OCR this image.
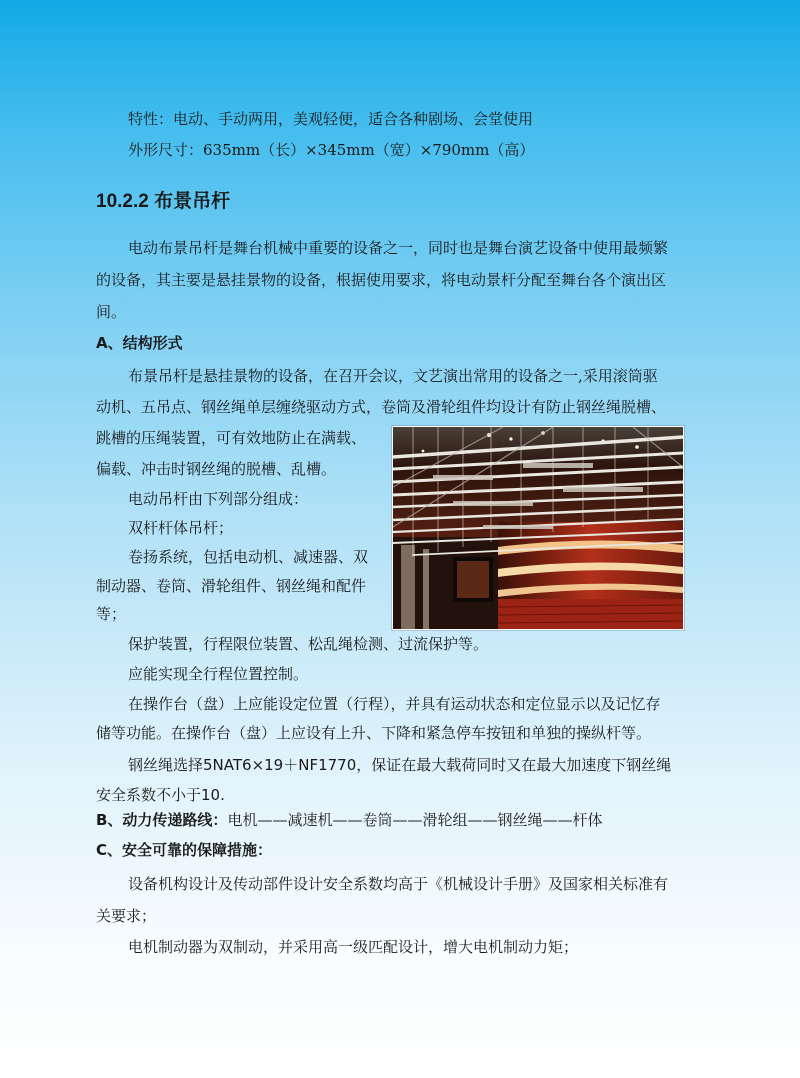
特性：电动、手动两用，美观轻便，适合各种剧场、会堂使用
外形尺寸：635mm（长）×345mm（宽）×790mm（高）
10.2.2 布景吊杆
电动布景吊杆是舞台机械中重要的设备之一，同时也是舞台演艺设备中使用最频繁
的设备，其主要是悬挂景物的设备，根据使用要求，将电动景杆分配至舞台各个演出区
间。
A、结构形式
布景吊杆是悬挂景物的设备，在召开会议，文艺演出常用的设备之一,采用滚筒驱
动机、五吊点、钢丝绳单层缠绕驱动方式，卷筒及滑轮组件均设计有防止钢丝绳脱槽、
跳槽的压绳装置，可有效地防止在满载、
偏载、冲击时钢丝绳的脱槽、乱槽。
电动吊杆由下列部分组成：
双杆杆体吊杆；
卷扬系统，包括电动机、减速器、双
制动器、卷筒、滑轮组件、钢丝绳和配件
等；
保护装置，行程限位装置、松乱绳检测、过流保护等。
应能实现全行程位置控制。
在操作台（盘）上应能设定位置（行程），并具有运动状态和定位显示以及记忆存
储等功能。在操作台（盘）上应设有上升、下降和紧急停车按钮和单独的操纵杆等。
钢丝绳选择5NAT6×19＋NF1770，保证在最大载荷同时又在最大加速度下钢丝绳
安全系数不小于10.
B、动力传递路线：电机——减速机——卷筒——滑轮组——钢丝绳——杆体
C、安全可靠的保障措施：
设备机构设计及传动部件设计安全系数均高于《机械设计手册》及国家相关标准有
关要求；
电机制动器为双制动，并采用高一级匹配设计，增大电机制动力矩；
